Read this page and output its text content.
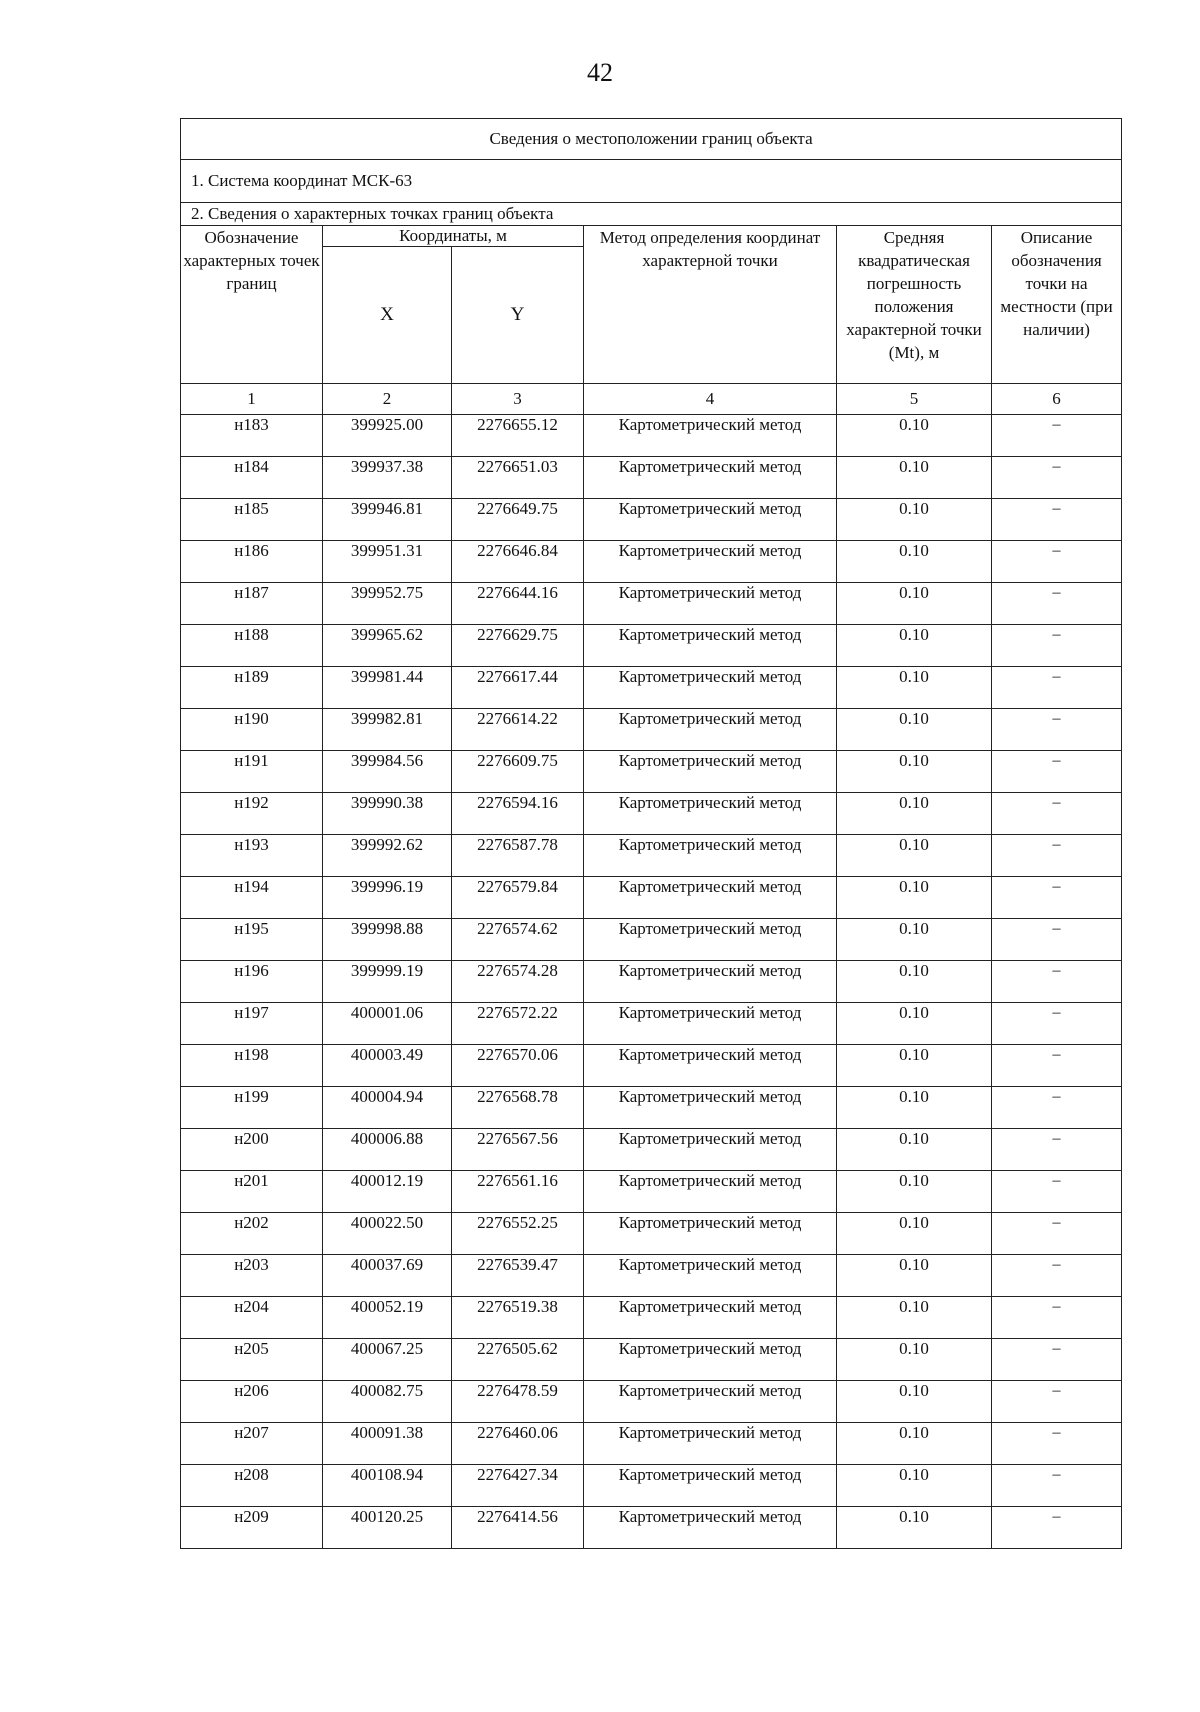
42
Сведения о местоположении границ объекта					
1. Система координат МСК-63					
2. Сведения о характерных точках границ объекта					
Обозначение характерных точек границ	Координаты, м		Метод определения координат характерной точки	Средняя квадратическая погрешность положения характерной точки (Mt), м	Описание обозначения точки на местности (при наличии)
	X	Y			
1	2	3	4	5	6
н183	399925.00	2276655.12	Картометрический метод	0.10	–
н184	399937.38	2276651.03	Картометрический метод	0.10	–
н185	399946.81	2276649.75	Картометрический метод	0.10	–
н186	399951.31	2276646.84	Картометрический метод	0.10	–
н187	399952.75	2276644.16	Картометрический метод	0.10	–
н188	399965.62	2276629.75	Картометрический метод	0.10	–
н189	399981.44	2276617.44	Картометрический метод	0.10	–
н190	399982.81	2276614.22	Картометрический метод	0.10	–
н191	399984.56	2276609.75	Картометрический метод	0.10	–
н192	399990.38	2276594.16	Картометрический метод	0.10	–
н193	399992.62	2276587.78	Картометрический метод	0.10	–
н194	399996.19	2276579.84	Картометрический метод	0.10	–
н195	399998.88	2276574.62	Картометрический метод	0.10	–
н196	399999.19	2276574.28	Картометрический метод	0.10	–
н197	400001.06	2276572.22	Картометрический метод	0.10	–
н198	400003.49	2276570.06	Картометрический метод	0.10	–
н199	400004.94	2276568.78	Картометрический метод	0.10	–
н200	400006.88	2276567.56	Картометрический метод	0.10	–
н201	400012.19	2276561.16	Картометрический метод	0.10	–
н202	400022.50	2276552.25	Картометрический метод	0.10	–
н203	400037.69	2276539.47	Картометрический метод	0.10	–
н204	400052.19	2276519.38	Картометрический метод	0.10	–
н205	400067.25	2276505.62	Картометрический метод	0.10	–
н206	400082.75	2276478.59	Картометрический метод	0.10	–
н207	400091.38	2276460.06	Картометрический метод	0.10	–
н208	400108.94	2276427.34	Картометрический метод	0.10	–
н209	400120.25	2276414.56	Картометрический метод	0.10	–
